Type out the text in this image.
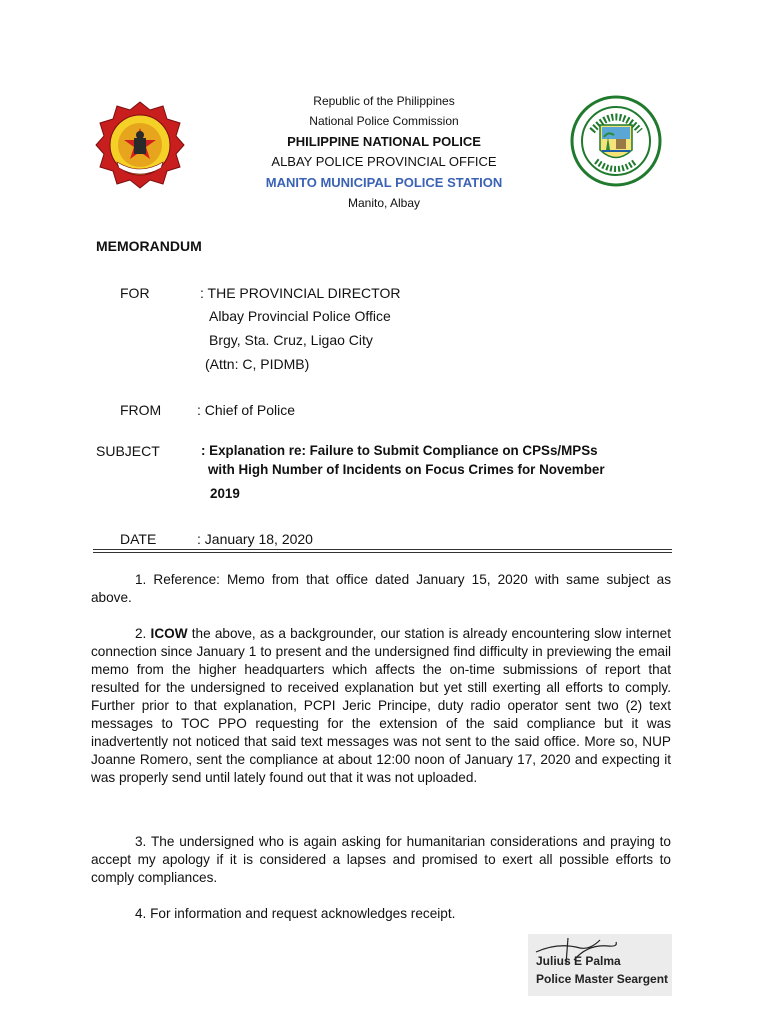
Republic of the Philippines
National Police Commission
PHILIPPINE NATIONAL POLICE
ALBAY POLICE PROVINCIAL OFFICE
MANITO MUNICIPAL POLICE STATION
Manito, Albay
MEMORANDUM
FOR	: THE PROVINCIAL DIRECTOR
Albay Provincial Police Office
Brgy, Sta. Cruz, Ligao City
(Attn: C, PIDMB)
FROM	: Chief of Police
SUBJECT	: Explanation re: Failure to Submit Compliance on CPSs/MPSs
with High Number of Incidents on Focus Crimes for November
2019
DATE	: January 18, 2020
1. Reference: Memo from that office dated January 15, 2020 with same subject as above.
2. ICOW the above, as a backgrounder, our station is already encountering slow internet connection since January 1 to present and the undersigned find difficulty in previewing the email memo from the higher headquarters which affects the on-time submissions of report that resulted for the undersigned to received explanation but yet still exerting all efforts to comply. Further prior to that explanation, PCPI Jeric Principe, duty radio operator sent two (2) text messages to TOC PPO requesting for the extension of the said compliance but it was inadvertently not noticed that said text messages was not sent to the said office. More so, NUP Joanne Romero, sent the compliance at about 12:00 noon of January 17, 2020 and expecting it was properly send until lately found out that it was not uploaded.
3. The undersigned who is again asking for humanitarian considerations and praying to accept my apology if it is considered a lapses and promised to exert all possible efforts to comply compliances.
4. For information and request acknowledges receipt.
Julius E Palma
Police Master Seargent
